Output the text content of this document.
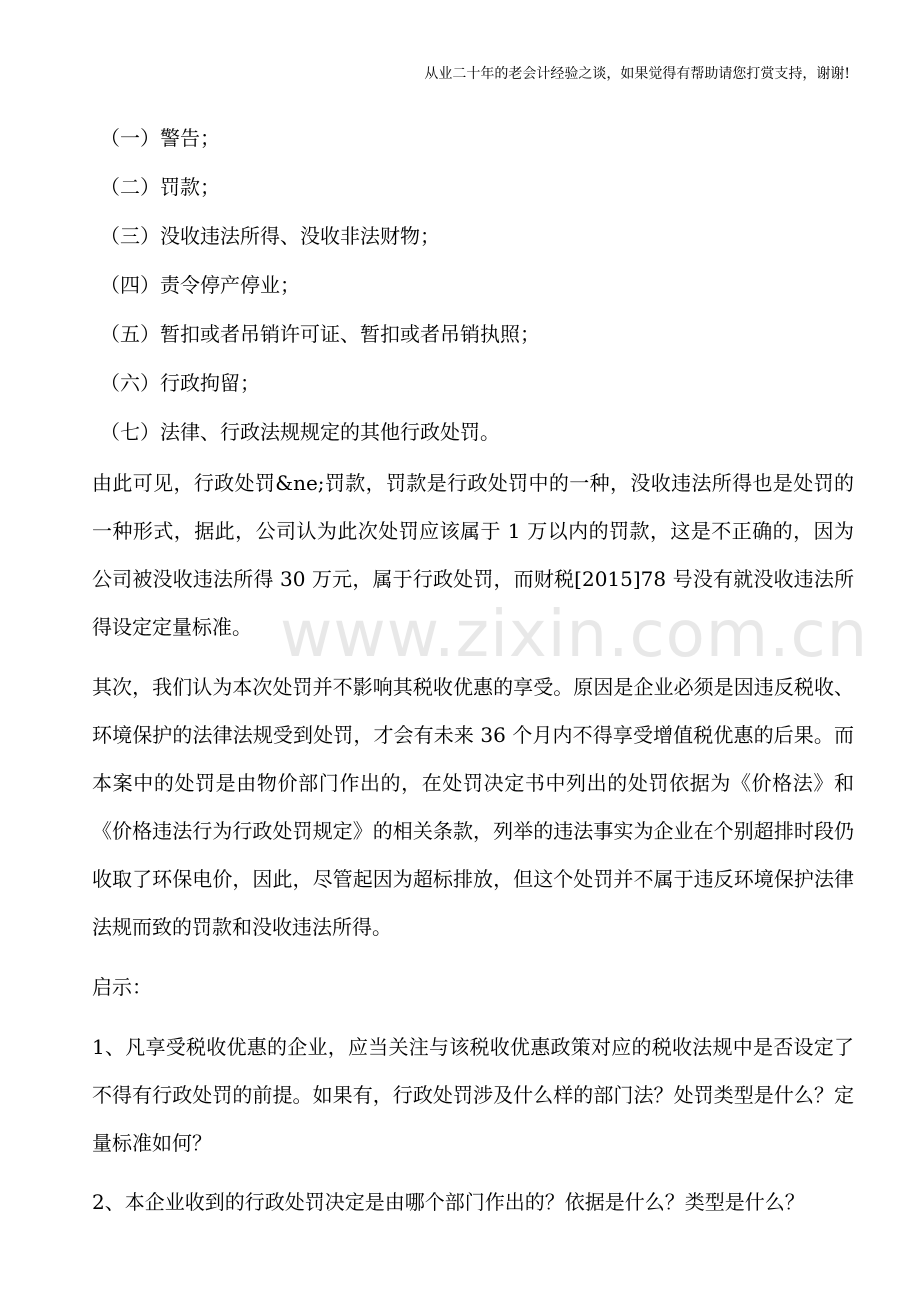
从业二十年的老会计经验之谈，如果觉得有帮助请您打赏支持，谢谢!
（一）警告；
（二）罚款；
（三）没收违法所得、没收非法财物；
（四）责令停产停业；
（五）暂扣或者吊销许可证、暂扣或者吊销执照；
（六）行政拘留；
（七）法律、行政法规规定的其他行政处罚。

由此可见，行政处罚&ne;罚款，罚款是行政处罚中的一种，没收违法所得也是处罚的一种形式，据此，公司认为此次处罚应该属于 1 万以内的罚款，这是不正确的，因为公司被没收违法所得 30 万元，属于行政处罚，而财税[2015]78 号没有就没收违法所得设定定量标准。

其次，我们认为本次处罚并不影响其税收优惠的享受。原因是企业必须是因违反税收、环境保护的法律法规受到处罚，才会有未来 36 个月内不得享受增值税优惠的后果。而本案中的处罚是由物价部门作出的，在处罚决定书中列出的处罚依据为《价格法》和《价格违法行为行政处罚规定》的相关条款，列举的违法事实为企业在个别超排时段仍收取了环保电价，因此，尽管起因为超标排放，但这个处罚并不属于违反环境保护法律法规而致的罚款和没收违法所得。

启示：

1、凡享受税收优惠的企业，应当关注与该税收优惠政策对应的税收法规中是否设定了不得有行政处罚的前提。如果有，行政处罚涉及什么样的部门法？处罚类型是什么？定量标准如何？

2、本企业收到的行政处罚决定是由哪个部门作出的？依据是什么？类型是什么？

www.zixin.com.cn
